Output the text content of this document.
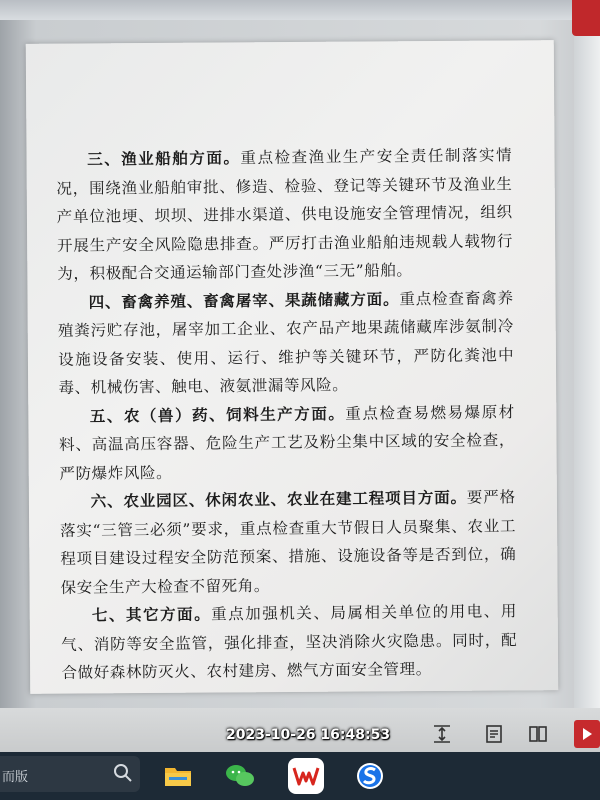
三、渔业船舶方面。重点检查渔业生产安全责任制落实情况，围绕渔业船舶审批、修造、检验、登记等关键环节及渔业生产单位池埂、坝坝、进排水渠道、供电设施安全管理情况，组织开展生产安全风险隐患排查。严厉打击渔业船舶违规载人载物行为，积极配合交通运输部门查处涉渔“三无”船舶。

四、畜禽养殖、畜禽屠宰、果蔬储藏方面。重点检查畜禽养殖粪污贮存池，屠宰加工企业、农产品产地果蔬储藏库涉氨制冷设施设备安装、使用、运行、维护等关键环节，严防化粪池中毒、机械伤害、触电、液氨泄漏等风险。

五、农（兽）药、饲料生产方面。重点检查易燃易爆原材料、高温高压容器、危险生产工艺及粉尘集中区域的安全检查，严防爆炸风险。

六、农业园区、休闲农业、农业在建工程项目方面。要严格落实“三管三必须”要求，重点检查重大节假日人员聚集、农业工程项目建设过程安全防范预案、措施、设施设备等是否到位，确保安全生产大检查不留死角。

七、其它方面。重点加强机关、局属相关单位的用电、用气、消防等安全监管，强化排查，坚决消除火灾隐患。同时，配合做好森林防灭火、农村建房、燃气方面安全管理。

2023-10-26 16:48:53
而版
